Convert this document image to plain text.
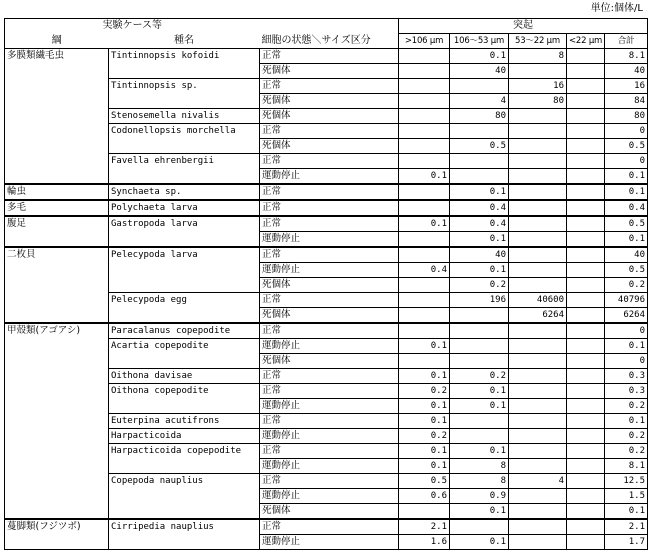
単位:個体/L
実験ケース等			突起				
綱	種名	細胞の状態＼サイズ区分	>106 μm	106〜53 μm	53〜22 μm	<22 μm	合計
多膜類繊毛虫	Tintinnopsis kofoidi	正常		0.1	8		8.1
		死個体		40			40
	Tintinnopsis sp.	正常			16		16
		死個体		4	80		84
	Stenosemella nivalis	死個体		80			80
	Codonellopsis morchella	正常					0
		死個体		0.5			0.5
	Favella ehrenbergii	正常					0
		運動停止	0.1				0.1
輪虫	Synchaeta sp.	正常		0.1			0.1
多毛	Polychaeta larva	正常		0.4			0.4
腹足	Gastropoda larva	正常	0.1	0.4			0.5
		運動停止		0.1			0.1
二枚貝	Pelecypoda larva	正常		40			40
		運動停止	0.4	0.1			0.5
		死個体		0.2			0.2
	Pelecypoda egg	正常		196	40600		40796
		死個体			6264		6264
甲殻類(アゴアシ)	Paracalanus copepodite	正常					0
	Acartia copepodite	運動停止	0.1				0.1
		死個体					0
	Oithona davisae	正常	0.1	0.2			0.3
	Oithona copepodite	正常	0.2	0.1			0.3
		運動停止	0.1	0.1			0.2
	Euterpina acutifrons	正常	0.1				0.1
	Harpacticoida	運動停止	0.2				0.2
	Harpacticoida copepodite	正常	0.1	0.1			0.2
		運動停止	0.1	8			8.1
	Copepoda nauplius	正常	0.5	8	4		12.5
		運動停止	0.6	0.9			1.5
		死個体		0.1			0.1
蔓脚類(フジツボ)	Cirripedia nauplius	正常	2.1				2.1
		運動停止	1.6	0.1			1.7
